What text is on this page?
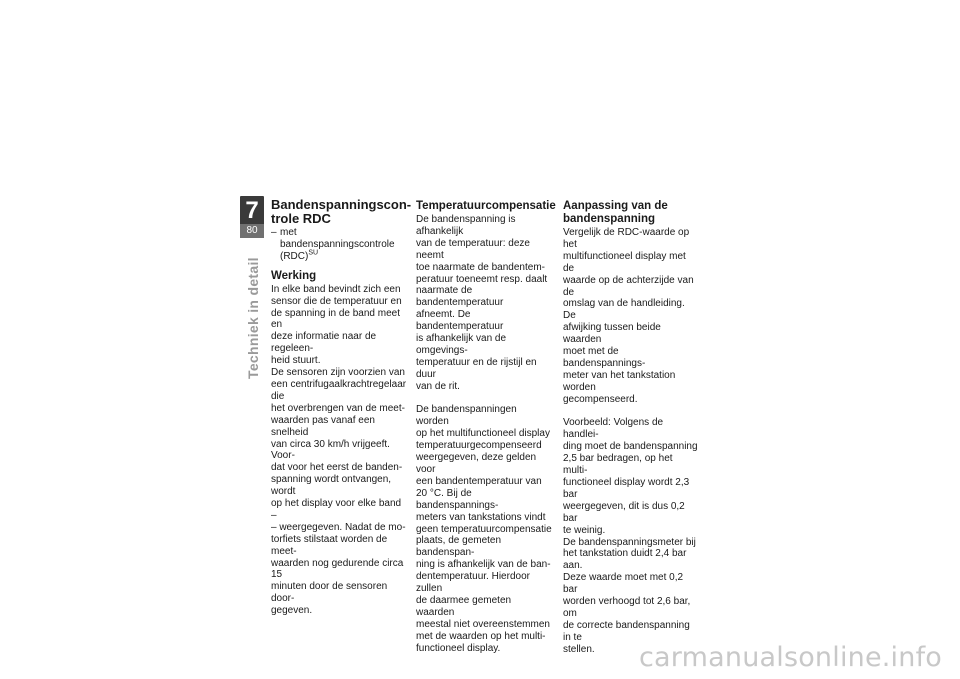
7
80
Techniek in detail

Bandenspanningscon-
trole RDC

– met bandenspanningscontrole (RDC)$^{SU}$
Werking

In elke band bevindt zich een
sensor die de temperatuur en
de spanning in de band meet en
deze informatie naar de regeleen-
heid stuurt.
De sensoren zijn voorzien van
een centrifugaalkrachtregelaar die
het overbrengen van de meet-
waarden pas vanaf een snelheid
van circa 30 km/h vrijgeeft. Voor-
dat voor het eerst de banden-
spanning wordt ontvangen, wordt
op het display voor elke band –
– weergegeven. Nadat de mo-
torfiets stilstaat worden de meet-
waarden nog gedurende circa 15
minuten door de sensoren door-
gegeven.

Temperatuurcompensatie

De bandenspanning is afhankelijk
van de temperatuur: deze neemt
toe naarmate de bandentem-
peratuur toeneemt resp. daalt
naarmate de bandentemperatuur
afneemt. De bandentemperatuur
is afhankelijk van de omgevings-
temperatuur en de rijstijl en duur
van de rit.

De bandenspanningen worden
op het multifunctioneel display
temperatuurgecompenseerd
weergegeven, deze gelden voor
een bandentemperatuur van
20 °C. Bij de bandenspannings-
meters van tankstations vindt
geen temperatuurcompensatie
plaats, de gemeten bandenspan-
ning is afhankelijk van de ban-
dentemperatuur. Hierdoor zullen
de daarmee gemeten waarden
meestal niet overeenstemmen
met de waarden op het multi-
functioneel display.

Aanpassing van de
bandenspanning

Vergelijk de RDC-waarde op het
multifunctioneel display met de
waarde op de achterzijde van de
omslag van de handleiding. De
afwijking tussen beide waarden
moet met de bandenspannings-
meter van het tankstation worden
gecompenseerd.

Voorbeeld: Volgens de handlei-
ding moet de bandenspanning
2,5 bar bedragen, op het multi-
functioneel display wordt 2,3 bar
weergegeven, dit is dus 0,2 bar
te weinig.
De bandenspanningsmeter bij
het tankstation duidt 2,4 bar aan.
Deze waarde moet met 0,2 bar
worden verhoogd tot 2,6 bar, om
de correcte bandenspanning in te
stellen.	carmanualsonline.info
